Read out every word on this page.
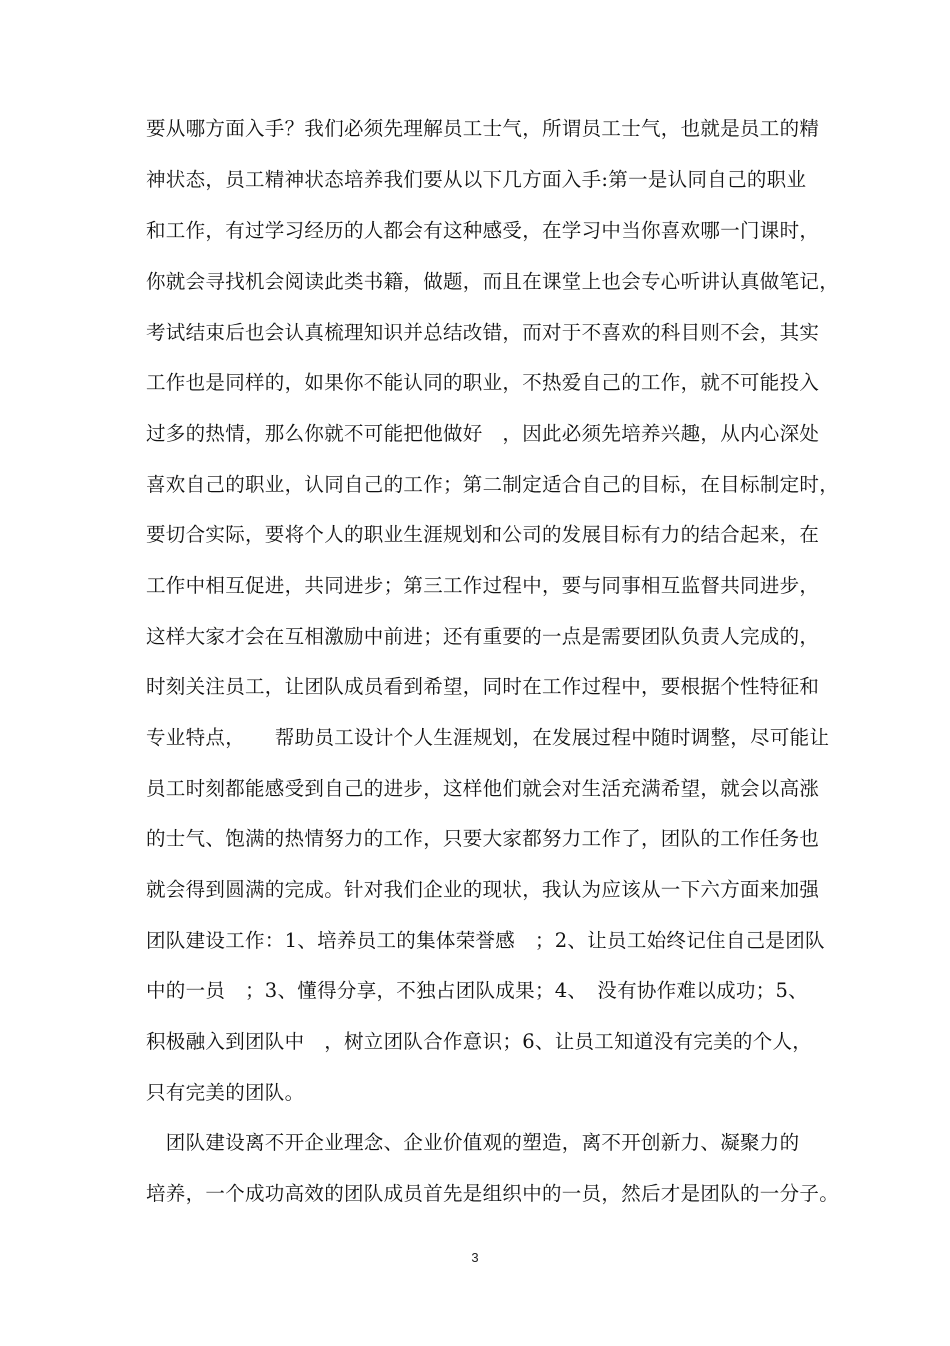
要从哪方面入手？我们必须先理解员工士气，所谓员工士气，也就是员工的精
神状态，员工精神状态培养我们要从以下几方面入手:第一是认同自己的职业
和工作，有过学习经历的人都会有这种感受，在学习中当你喜欢哪一门课时，
你就会寻找机会阅读此类书籍，做题，而且在课堂上也会专心听讲认真做笔记，
考试结束后也会认真梳理知识并总结改错，而对于不喜欢的科目则不会，其实
工作也是同样的，如果你不能认同的职业，不热爱自己的工作，就不可能投入
过多的热情，那么你就不可能把他做好　，因此必须先培养兴趣，从内心深处
喜欢自己的职业，认同自己的工作；第二制定适合自己的目标，在目标制定时，
要切合实际，要将个人的职业生涯规划和公司的发展目标有力的结合起来，在
工作中相互促进，共同进步；第三工作过程中，要与同事相互监督共同进步，
这样大家才会在互相激励中前进；还有重要的一点是需要团队负责人完成的，
时刻关注员工，让团队成员看到希望，同时在工作过程中，要根据个性特征和
专业特点，　　帮助员工设计个人生涯规划，在发展过程中随时调整，尽可能让
员工时刻都能感受到自己的进步，这样他们就会对生活充满希望，就会以高涨
的士气、饱满的热情努力的工作，只要大家都努力工作了，团队的工作任务也
就会得到圆满的完成。针对我们企业的现状，我认为应该从一下六方面来加强
团队建设工作：1、培养员工的集体荣誉感　；2、让员工始终记住自己是团队
中的一员　；3、懂得分享，不独占团队成果；4、　没有协作难以成功；5、
积极融入到团队中　，树立团队合作意识；6、让员工知道没有完美的个人，
只有完美的团队。
　团队建设离不开企业理念、企业价值观的塑造，离不开创新力、凝聚力的
培养，一个成功高效的团队成员首先是组织中的一员，然后才是团队的一分子。
3
